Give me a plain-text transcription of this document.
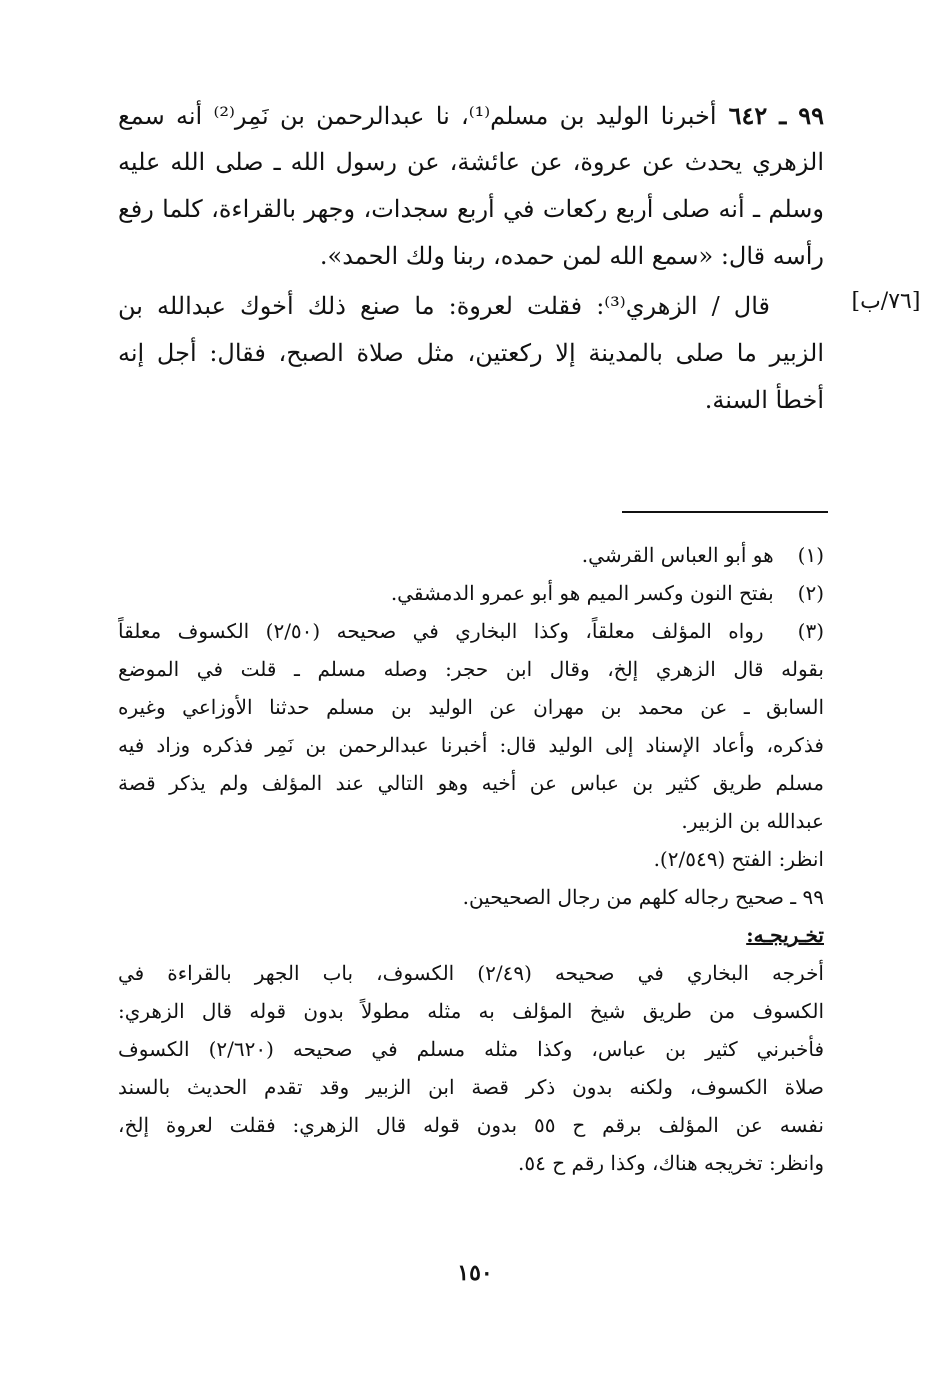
٩٩ ـ ٦٤٢أخبرنا الوليد بن مسلم⁽¹⁾، نا عبدالرحمن بن نَمِر⁽²⁾ أنه سمع
الزهري يحدث عن عروة، عن عائشة، عن رسول الله ـ صلى الله عليه
وسلم ـ أنه صلى أربع ركعات في أربع سجدات، وجهر بالقراءة، كلما رفع
رأسه قال: «سمع الله لمن حمده، ربنا ولك الحمد».
قال / الزهري⁽³⁾: فقلت لعروة: ما صنع ذلك أخوك عبدالله بن
الزبير ما صلى بالمدينة إلا ركعتين، مثل صلاة الصبح، فقال: أجل إنه
أخطأ السنة.
[٧٦/ب]
(١) هو أبو العباس القرشي.
(٢) بفتح النون وكسر الميم هو أبو عمرو الدمشقي.
(٣) رواه المؤلف معلقاً، وكذا البخاري في صحيحه (٢/٥٠) الكسوف معلقاً
بقوله قال الزهري إلخ، وقال ابن حجر: وصله مسلم ـ قلت في الموضع
السابق ـ عن محمد بن مهران عن الوليد بن مسلم حدثنا الأوزاعي وغيره
فذكره، وأعاد الإسناد إلى الوليد قال: أخبرنا عبدالرحمن بن نَمِر فذكره وزاد فيه
مسلم طريق كثير بن عباس عن أخيه وهو التالي عند المؤلف ولم يذكر قصة
عبدالله بن الزبير.
انظر: الفتح (٢/٥٤٩).
٩٩ ـ صحيح رجاله كلهم من رجال الصحيحين.
تخـريجـه:
أخرجه البخاري في صحيحه (٢/٤٩) الكسوف، باب الجهر بالقراءة في
الكسوف من طريق شيخ المؤلف به مثله مطولاً بدون قوله قال الزهري:
فأخبرني كثير بن عباس، وكذا مثله مسلم في صحيحه (٢/٦٢٠) الكسوف
صلاة الكسوف، ولكنه بدون ذكر قصة ابن الزبير وقد تقدم الحديث بالسند
نفسه عن المؤلف برقم ح ٥٥ بدون قوله قال الزهري: فقلت لعروة إلخ،
وانظر: تخريجه هناك، وكذا رقم ح ٥٤.
١٥٠
